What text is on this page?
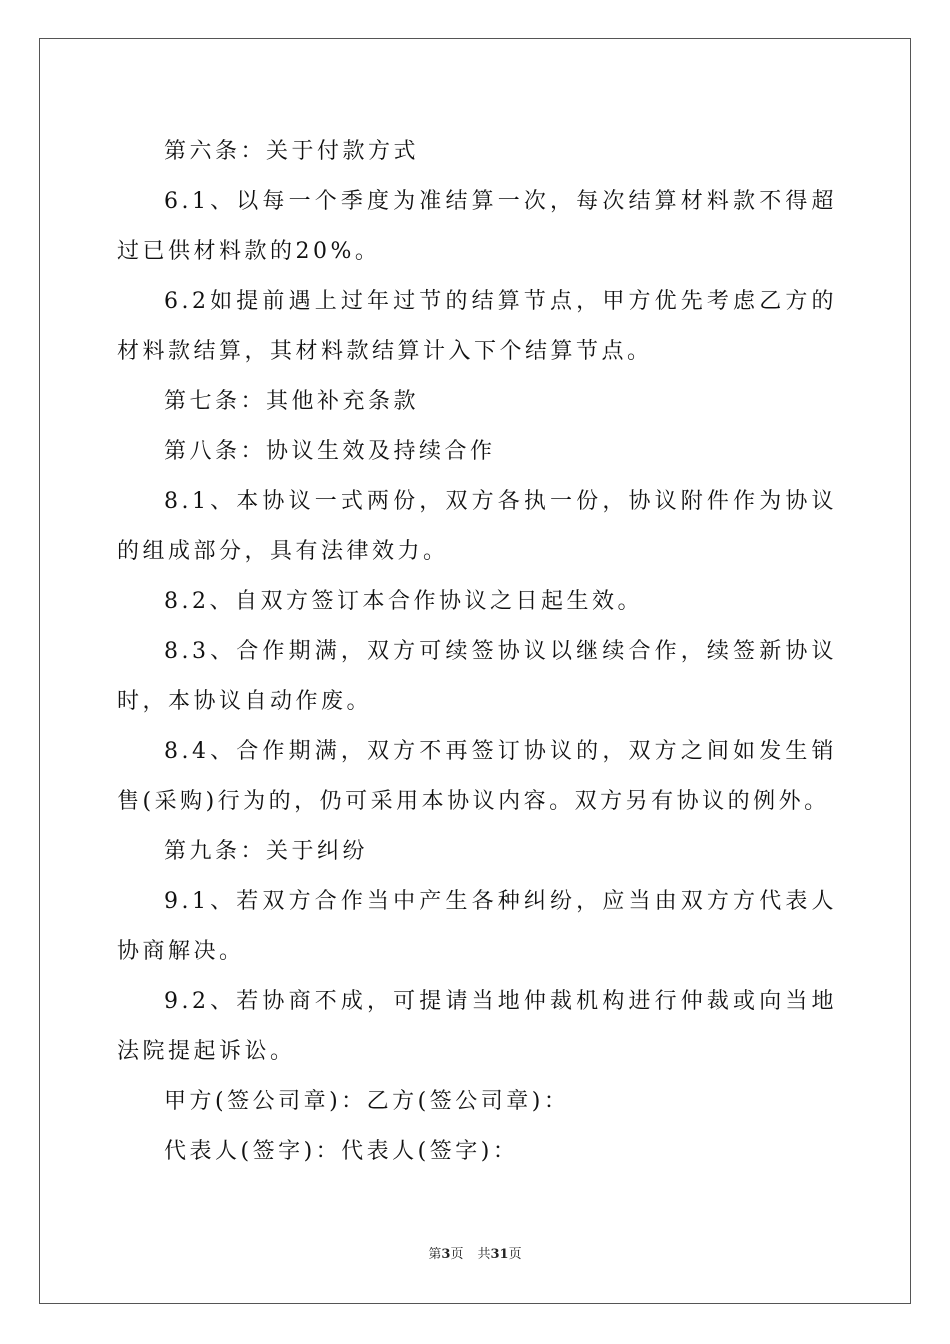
第六条：关于付款方式

6.1、以每一个季度为准结算一次，每次结算材料款不得超过已供材料款的20%。

6.2如提前遇上过年过节的结算节点，甲方优先考虑乙方的材料款结算，其材料款结算计入下个结算节点。

第七条：其他补充条款

第八条：协议生效及持续合作

8.1、本协议一式两份，双方各执一份，协议附件作为协议的组成部分，具有法律效力。

8.2、自双方签订本合作协议之日起生效。

8.3、合作期满，双方可续签协议以继续合作，续签新协议时，本协议自动作废。

8.4、合作期满，双方不再签订协议的，双方之间如发生销售(采购)行为的，仍可采用本协议内容。双方另有协议的例外。

第九条：关于纠纷

9.1、若双方合作当中产生各种纠纷，应当由双方方代表人协商解决。

9.2、若协商不成，可提请当地仲裁机构进行仲裁或向当地法院提起诉讼。

甲方(签公司章)：乙方(签公司章)：

代表人(签字)：代表人(签字)：

第3页 共31页
